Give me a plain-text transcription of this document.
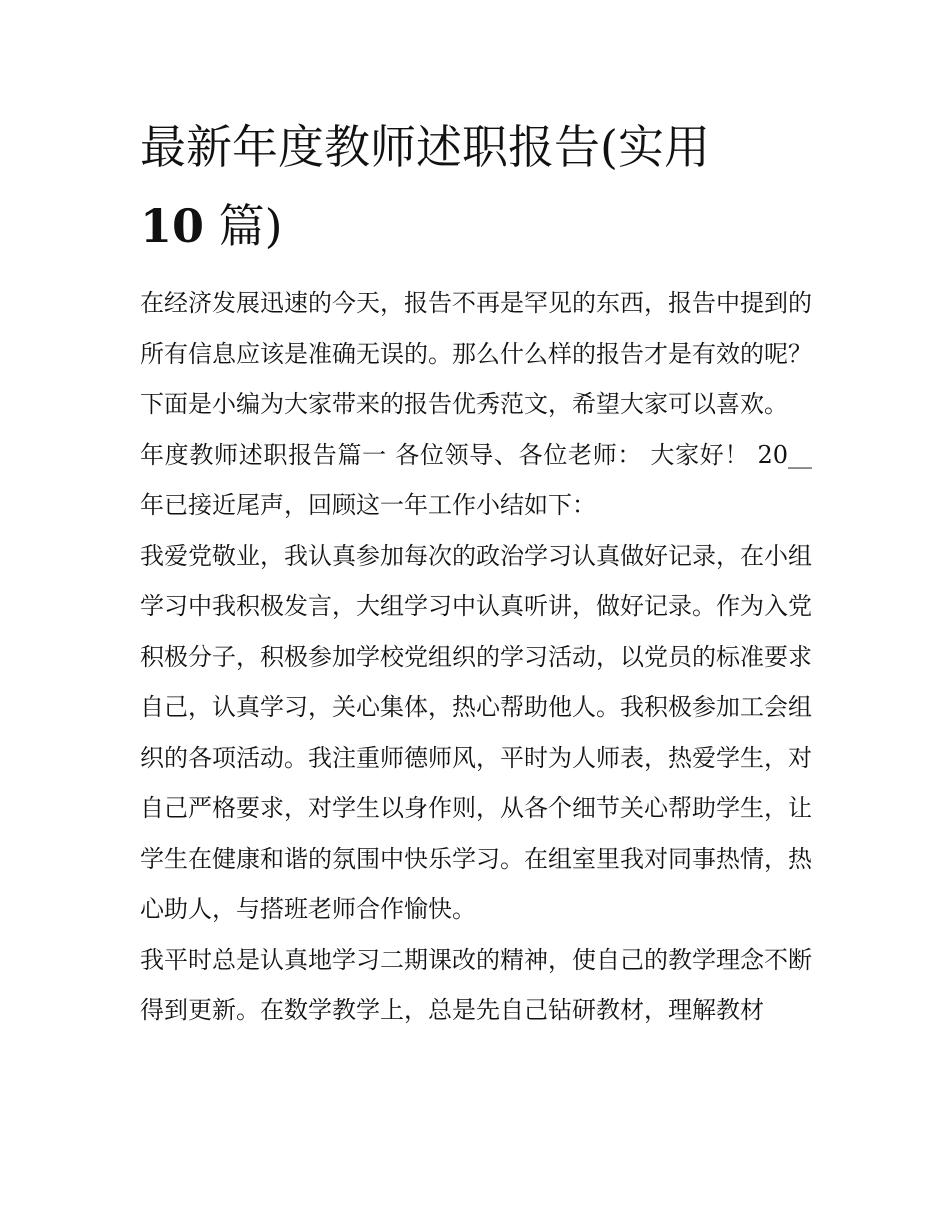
最新年度教师述职报告(实用
10 篇)

在经济发展迅速的今天，报告不再是罕见的东西，报告中提到的所有信息应该是准确无误的。那么什么样的报告才是有效的呢？下面是小编为大家带来的报告优秀范文，希望大家可以喜欢。

年度教师述职报告篇一 各位领导、各位老师： 大家好！ 20__年已接近尾声，回顾这一年工作小结如下：

我爱党敬业，我认真参加每次的政治学习认真做好记录，在小组学习中我积极发言，大组学习中认真听讲，做好记录。作为入党积极分子，积极参加学校党组织的学习活动，以党员的标准要求自己，认真学习，关心集体，热心帮助他人。我积极参加工会组织的各项活动。我注重师德师风，平时为人师表，热爱学生，对自己严格要求，对学生以身作则，从各个细节关心帮助学生，让学生在健康和谐的氛围中快乐学习。在组室里我对同事热情，热心助人，与搭班老师合作愉快。

我平时总是认真地学习二期课改的精神，使自己的教学理念不断得到更新。在数学教学上，总是先自己钻研教材，理解教材
